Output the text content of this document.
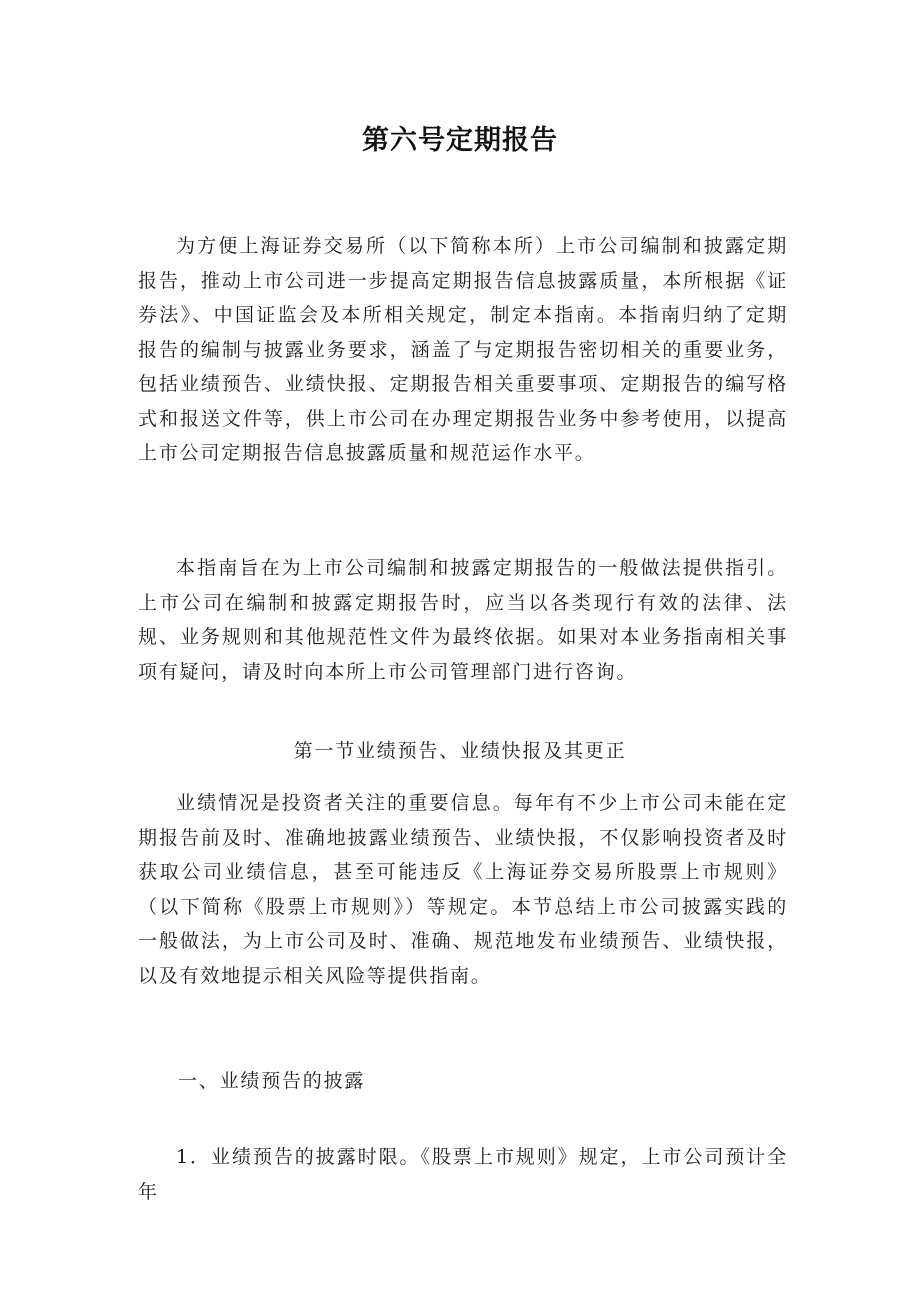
第六号定期报告

为方便上海证券交易所（以下简称本所）上市公司编制和披露定期报告，推动上市公司进一步提高定期报告信息披露质量，本所根据《证券法》、中国证监会及本所相关规定，制定本指南。本指南归纳了定期报告的编制与披露业务要求，涵盖了与定期报告密切相关的重要业务，包括业绩预告、业绩快报、定期报告相关重要事项、定期报告的编写格式和报送文件等，供上市公司在办理定期报告业务中参考使用，以提高上市公司定期报告信息披露质量和规范运作水平。

本指南旨在为上市公司编制和披露定期报告的一般做法提供指引。上市公司在编制和披露定期报告时，应当以各类现行有效的法律、法规、业务规则和其他规范性文件为最终依据。如果对本业务指南相关事项有疑问，请及时向本所上市公司管理部门进行咨询。

第一节业绩预告、业绩快报及其更正

业绩情况是投资者关注的重要信息。每年有不少上市公司未能在定期报告前及时、准确地披露业绩预告、业绩快报，不仅影响投资者及时获取公司业绩信息，甚至可能违反《上海证券交易所股票上市规则》（以下简称《股票上市规则》）等规定。本节总结上市公司披露实践的一般做法，为上市公司及时、准确、规范地发布业绩预告、业绩快报，以及有效地提示相关风险等提供指南。

一、业绩预告的披露

1．业绩预告的披露时限。《股票上市规则》规定，上市公司预计全年
